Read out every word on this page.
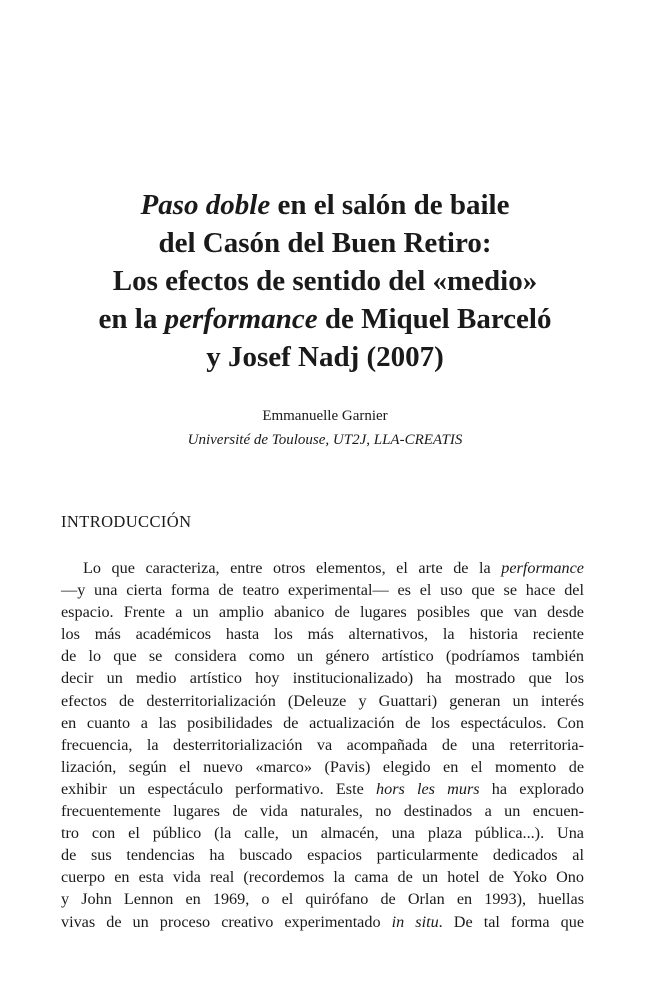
Paso doble en el salón de baile
del Casón del Buen Retiro:
Los efectos de sentido del «medio»
en la performance de Miquel Barceló
y Josef Nadj (2007)
Emmanuelle Garnier
Université de Toulouse, UT2J, LLA-CREATIS
INTRODUCCIÓN
Lo que caracteriza, entre otros elementos, el arte de la performance
—y una cierta forma de teatro experimental— es el uso que se hace del
espacio. Frente a un amplio abanico de lugares posibles que van desde
los más académicos hasta los más alternativos, la historia reciente
de lo que se considera como un género artístico (podríamos también
decir un medio artístico hoy institucionalizado) ha mostrado que los
efectos de desterritorialización (Deleuze y Guattari) generan un interés
en cuanto a las posibilidades de actualización de los espectáculos. Con
frecuencia, la desterritorialización va acompañada de una reterritoria-
lización, según el nuevo «marco» (Pavis) elegido en el momento de
exhibir un espectáculo performativo. Este hors les murs ha explorado
frecuentemente lugares de vida naturales, no destinados a un encuen-
tro con el público (la calle, un almacén, una plaza pública...). Una
de sus tendencias ha buscado espacios particularmente dedicados al
cuerpo en esta vida real (recordemos la cama de un hotel de Yoko Ono
y John Lennon en 1969, o el quirófano de Orlan en 1993), huellas
vivas de un proceso creativo experimentado in situ. De tal forma que
